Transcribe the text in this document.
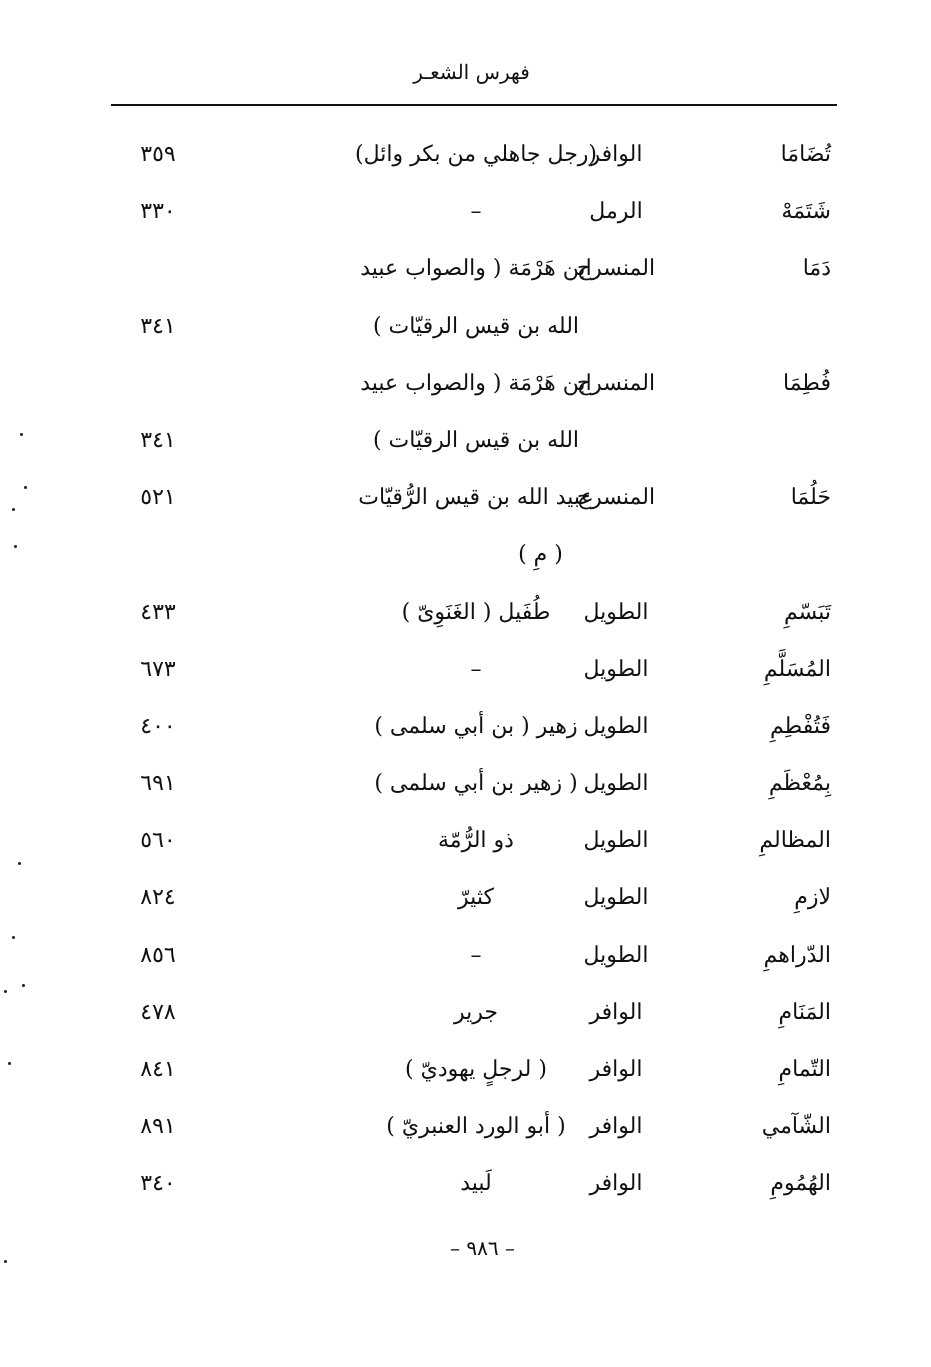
فهرس الشعـر
تُضَامَا
الوافر
(رجل جاهلي من بكر وائل)
٣٥٩
شَتَمَهْ
الرمل
–
٣٣٠
دَمَا
المنسرح
ابن هَرْمَة ( والصواب عبيد
الله بن قيس الرقيّات )
٣٤١
فُطِمَا
المنسرح
ابن هَرْمَة ( والصواب عبيد
الله بن قيس الرقيّات )
٣٤١
حَلُمَا
المنسرح
عبيد الله بن قيس الرُّقيّات
٥٢١
( مِ )
تَبَسّمِ
الطويل
طُفَيل ( الغَنَوِىّ )
٤٣٣
المُسَلَّمِ
الطويل
–
٦٧٣
فَتُفْطِمِ
الطويل
زهير ( بن أبي سلمى )
٤٠٠
بِمُعْظَمِ
الطويل
( زهير بن أبي سلمى )
٦٩١
المظالمِ
الطويل
ذو الرُّمّة
٥٦٠
لازمِ
الطويل
كثيرّ
٨٢٤
الدّراهمِ
الطويل
–
٨٥٦
المَنَامِ
الوافر
جرير
٤٧٨
التّمامِ
الوافر
( لرجلٍ يهوديّ )
٨٤١
الشّآمي
الوافر
( أبو الورد العنبريّ )
٨٩١
الهُمُومِ
الوافر
لَبيد
٣٤٠
– ٩٨٦ –
